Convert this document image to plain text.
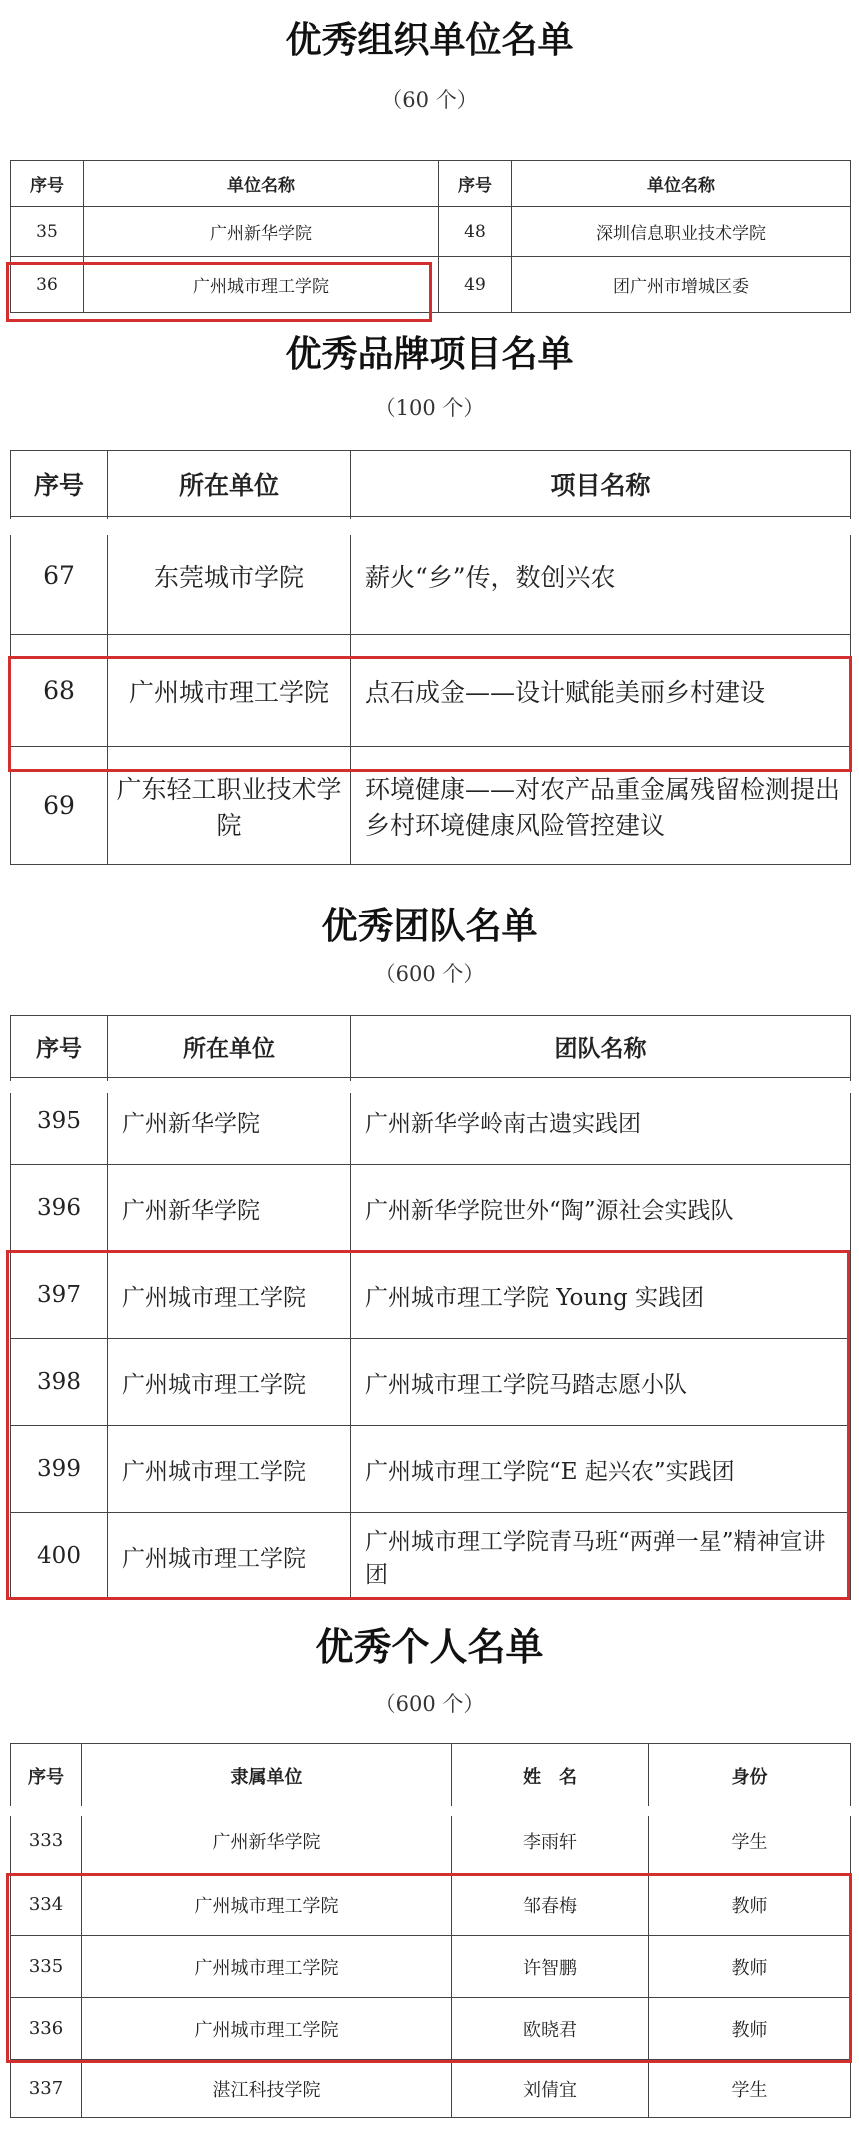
优秀组织单位名单
（60 个）
序号	单位名称	序号	单位名称
35	广州新华学院	48	深圳信息职业技术学院
36	广州城市理工学院	49	团广州市增城区委
优秀品牌项目名单
（100 个）
序号	所在单位	项目名称
67	东莞城市学院	薪火“乡”传，数创兴农
68	广州城市理工学院	点石成金——设计赋能美丽乡村建设
69	广东轻工职业技术学院	环境健康——对农产品重金属残留检测提出乡村环境健康风险管控建议
优秀团队名单
（600 个）
序号	所在单位	团队名称
395	广州新华学院	广州新华学岭南古遗实践团
396	广州新华学院	广州新华学院世外“陶”源社会实践队
397	广州城市理工学院	广州城市理工学院 Young 实践团
398	广州城市理工学院	广州城市理工学院马踏志愿小队
399	广州城市理工学院	广州城市理工学院“E 起兴农”实践团
400	广州城市理工学院	广州城市理工学院青马班“两弹一星”精神宣讲团
优秀个人名单
（600 个）
序号	隶属单位	姓　名	身份
333	广州新华学院	李雨轩	学生
334	广州城市理工学院	邹春梅	教师
335	广州城市理工学院	许智鹏	教师
336	广州城市理工学院	欧晓君	教师
337	湛江科技学院	刘倩宜	学生
